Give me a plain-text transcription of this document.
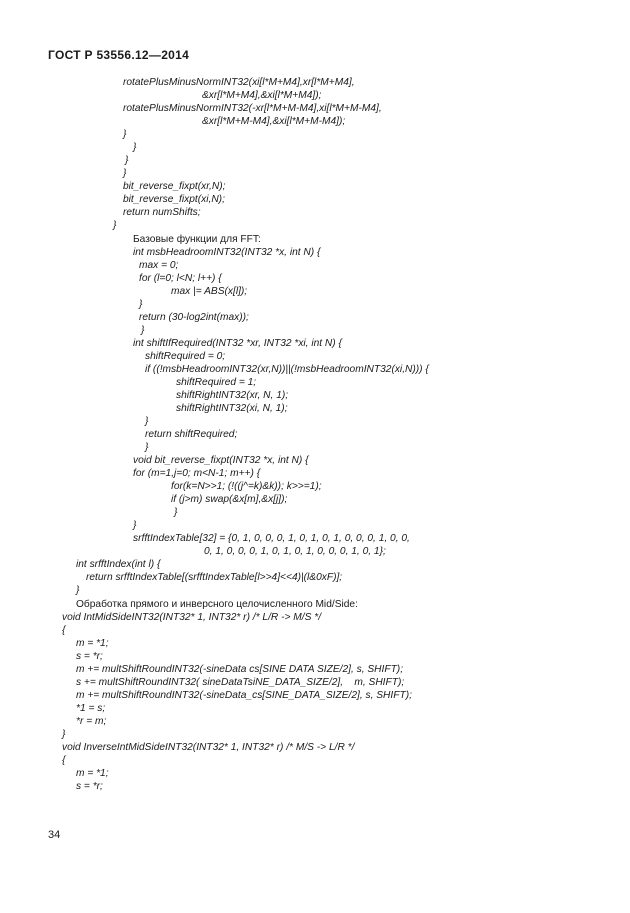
ГОСТ Р 53556.12—2014
rotatePlusMinusNormINT32(xi[l*M+M4],xr[l*M+M4],
&xr[l*M+M4],&xi[l*M+M4]);
rotatePlusMinusNormINT32(-xr[l*M+M-M4],xi[l*M+M-M4],
&xr[l*M+M-M4],&xi[l*M+M-M4]);
}
}
}
}
bit_reverse_fixpt(xr,N);
bit_reverse_fixpt(xi,N);
return numShifts;
}
Базовые функции для FFT:
int msbHeadroomINT32(INT32 *x, int N) {
max = 0;
for (l=0; l<N; l++) {
max |= ABS(x[l]);
}
return (30-log2int(max));
}
int shiftIfRequired(INT32 *xr, INT32 *xi, int N) {
shiftRequired = 0;
if ((!msbHeadroomINT32(xr,N))||(!msbHeadroomINT32(xi,N))) {
shiftRequired = 1;
shiftRightINT32(xr, N, 1);
shiftRightINT32(xi, N, 1);
}
return shiftRequired;
}
void bit_reverse_fixpt(INT32 *x, int N) {
for (m=1,j=0; m<N-1; m++) {
for(k=N>>1; (!((j^=k)&k)); k>>=1);
if (j>m) swap(&x[m],&x[j]);
}
}
srfftIndexTable[32] = {0, 1, 0, 0, 0, 1, 0, 1, 0, 1, 0, 0, 0, 1, 0, 0,
0, 1, 0, 0, 0, 1, 0, 1, 0, 1, 0, 0, 0, 1, 0, 1};
int srfftIndex(int l) {
return srfftIndexTable[(srfftIndexTable[l>>4]<<4)|(l&0xF)];
}
Обработка прямого и инверсного целочисленного Mid/Side:
void IntMidSideINT32(INT32* 1, INT32* r) /* L/R -> M/S */
{
m = *1;
s = *r;
m += multShiftRoundINT32(-sineData cs[SINE DATA SIZE/2], s, SHIFT);
s += multShiftRoundINT32( sineDataTsiNE_DATA_SIZE/2],    m, SHIFT);
m += multShiftRoundINT32(-sineData_cs[SINE_DATA_SIZE/2], s, SHIFT);
*1 = s;
*r = m;
}
void InverseIntMidSideINT32(INT32* 1, INT32* r) /* M/S -> L/R */
{
m = *1;
s = *r;
34
